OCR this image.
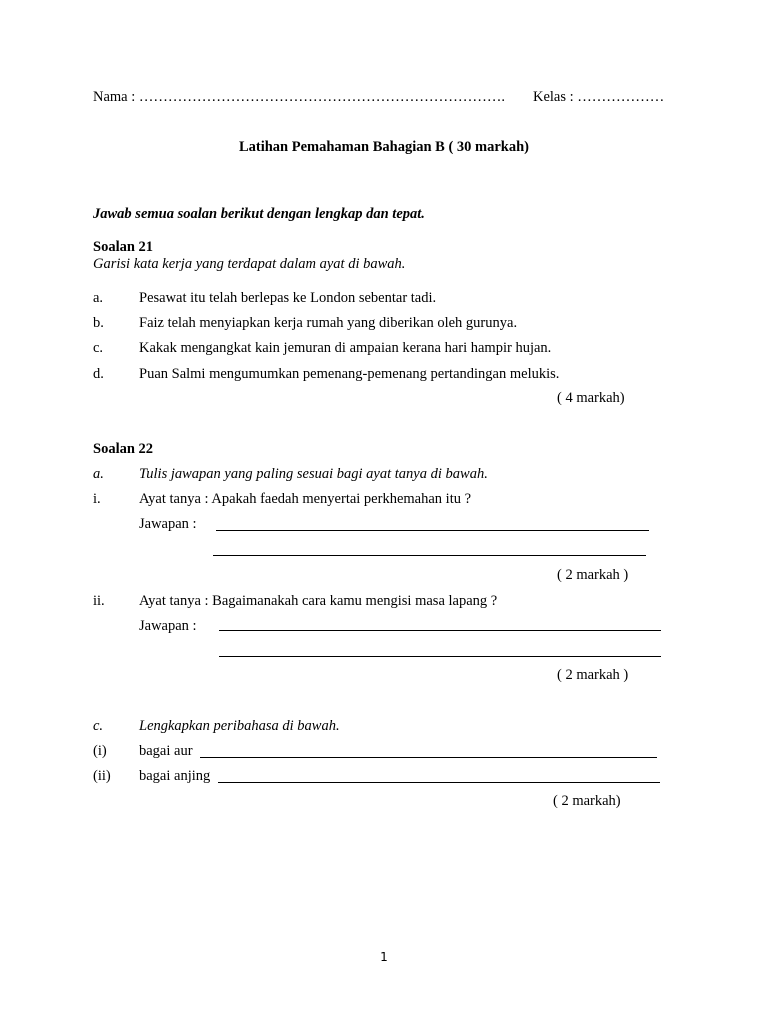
Nama : …………………………………………………………………. Kelas : ………………
Latihan Pemahaman Bahagian B ( 30 markah)
Jawab semua soalan berikut dengan lengkap dan tepat.
Soalan 21
Garisi kata kerja yang terdapat dalam ayat di bawah.
a. Pesawat itu telah berlepas ke London sebentar tadi.
b. Faiz telah menyiapkan kerja rumah yang diberikan oleh gurunya.
c. Kakak mengangkat kain jemuran di ampaian kerana hari hampir hujan.
d. Puan Salmi mengumumkan pemenang-pemenang pertandingan melukis.
( 4 markah)
Soalan 22
a. Tulis jawapan yang paling sesuai bagi ayat tanya di bawah.
i.	Ayat tanya : Apakah faedah menyertai perkhemahan itu ?
Jawapan :
( 2 markah )
ii. Ayat tanya : Bagaimanakah cara kamu mengisi masa lapang ?
Jawapan :
( 2 markah )
c. Lengkapkan peribahasa di bawah.
(i) bagai aur
(ii) bagai anjing
( 2 markah)
1
